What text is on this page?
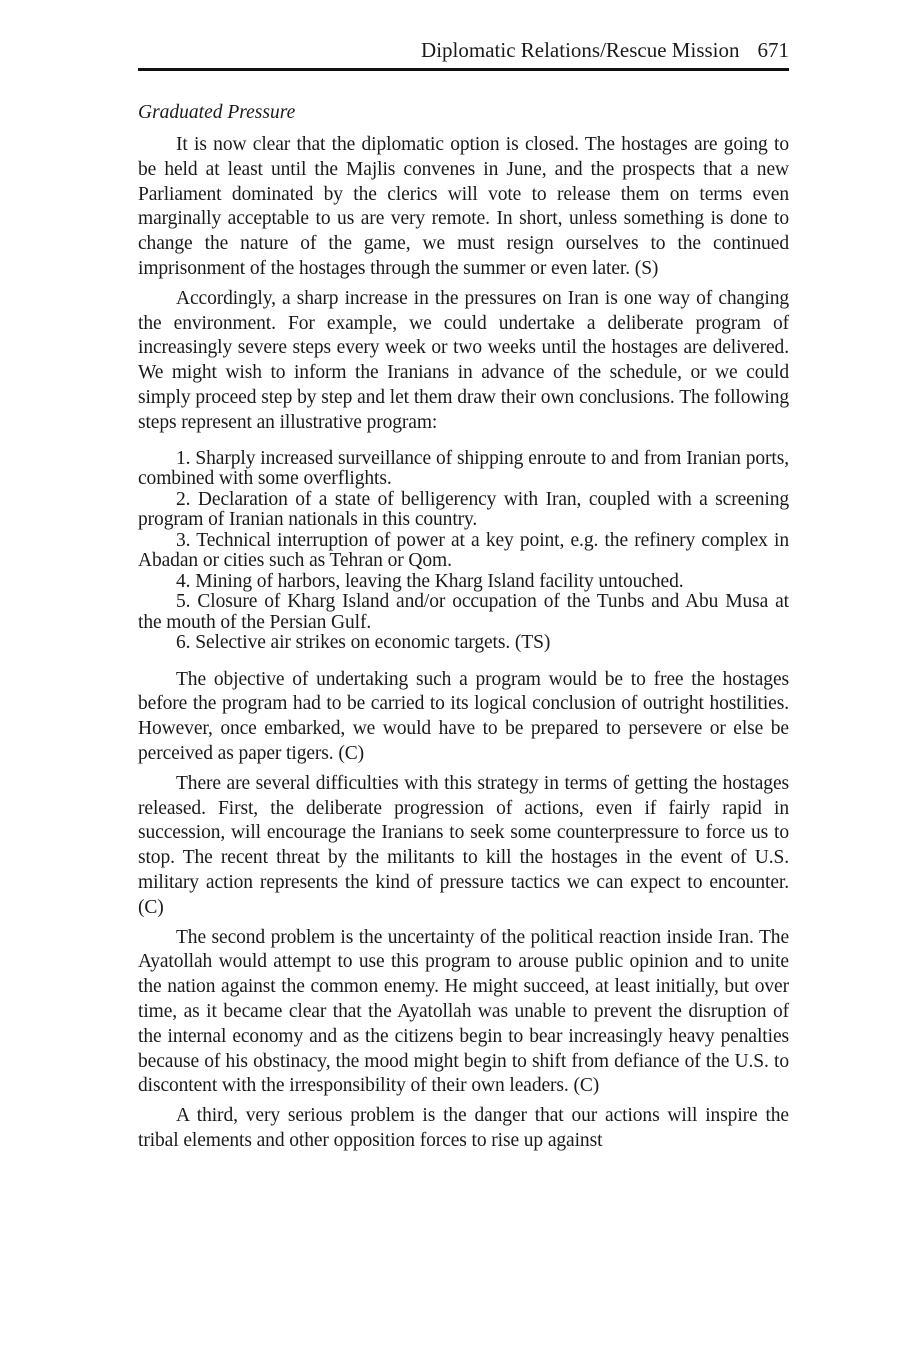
Diplomatic Relations/Rescue Mission 671
Graduated Pressure

It is now clear that the diplomatic option is closed. The hostages are going to be held at least until the Majlis convenes in June, and the prospects that a new Parliament dominated by the clerics will vote to release them on terms even marginally acceptable to us are very remote. In short, unless something is done to change the nature of the game, we must resign ourselves to the continued imprisonment of the hostages through the summer or even later. (S)

Accordingly, a sharp increase in the pressures on Iran is one way of changing the environment. For example, we could undertake a deliberate program of increasingly severe steps every week or two weeks until the hostages are delivered. We might wish to inform the Iranians in advance of the schedule, or we could simply proceed step by step and let them draw their own conclusions. The following steps represent an illustrative program:

1. Sharply increased surveillance of shipping enroute to and from Iranian ports, combined with some overflights.
2. Declaration of a state of belligerency with Iran, coupled with a screening program of Iranian nationals in this country.
3. Technical interruption of power at a key point, e.g. the refinery complex in Abadan or cities such as Tehran or Qom.
4. Mining of harbors, leaving the Kharg Island facility untouched.
5. Closure of Kharg Island and/or occupation of the Tunbs and Abu Musa at the mouth of the Persian Gulf.
6. Selective air strikes on economic targets. (TS)

The objective of undertaking such a program would be to free the hostages before the program had to be carried to its logical conclusion of outright hostilities. However, once embarked, we would have to be prepared to persevere or else be perceived as paper tigers. (C)

There are several difficulties with this strategy in terms of getting the hostages released. First, the deliberate progression of actions, even if fairly rapid in succession, will encourage the Iranians to seek some counterpressure to force us to stop. The recent threat by the militants to kill the hostages in the event of U.S. military action represents the kind of pressure tactics we can expect to encounter. (C)

The second problem is the uncertainty of the political reaction inside Iran. The Ayatollah would attempt to use this program to arouse public opinion and to unite the nation against the common enemy. He might succeed, at least initially, but over time, as it became clear that the Ayatollah was unable to prevent the disruption of the internal economy and as the citizens begin to bear increasingly heavy penalties because of his obstinacy, the mood might begin to shift from defiance of the U.S. to discontent with the irresponsibility of their own leaders. (C)

A third, very serious problem is the danger that our actions will inspire the tribal elements and other opposition forces to rise up against
